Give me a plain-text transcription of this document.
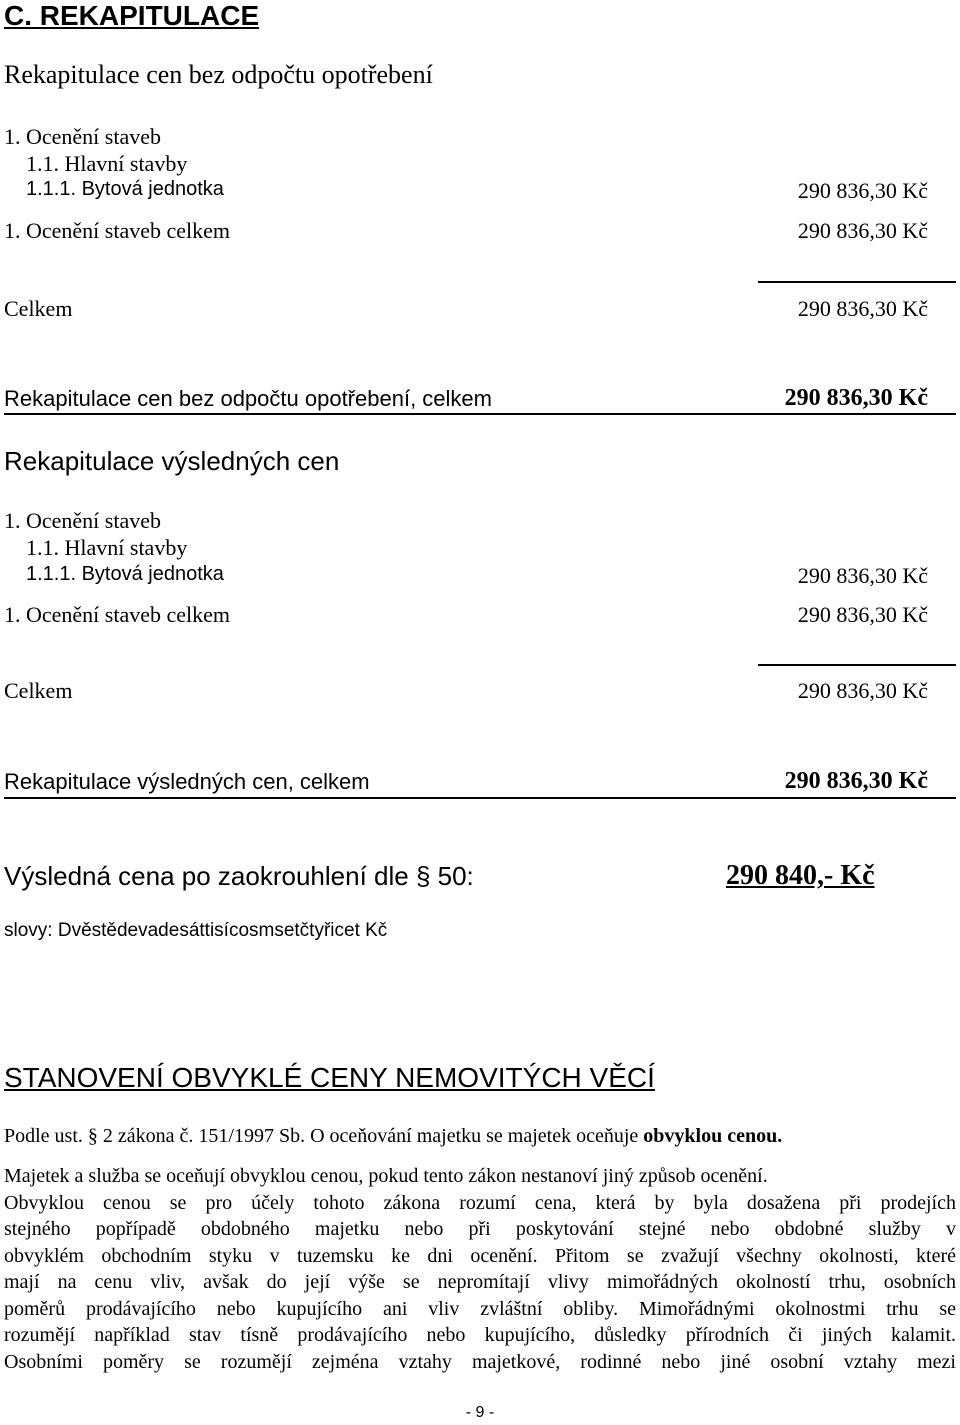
C. REKAPITULACE
Rekapitulace cen bez odpočtu opotřebení
1. Ocenění staveb
1.1. Hlavní stavby
1.1.1. Bytová jednotka	290 836,30 Kč
1. Ocenění staveb celkem	290 836,30 Kč
Celkem	290 836,30 Kč
Rekapitulace cen bez odpočtu opotřebení, celkem	290 836,30 Kč
Rekapitulace výsledných cen
1. Ocenění staveb
1.1. Hlavní stavby
1.1.1. Bytová jednotka	290 836,30 Kč
1. Ocenění staveb celkem	290 836,30 Kč
Celkem	290 836,30 Kč
Rekapitulace výsledných cen, celkem	290 836,30 Kč
Výsledná cena po zaokrouhlení dle § 50:	290 840,- Kč
slovy: Dvěstědevadesáttisícosmsetčtyřicet Kč
STANOVENÍ OBVYKLÉ CENY NEMOVITÝCH VĚCÍ
Podle ust. § 2 zákona č. 151/1997 Sb. O oceňování majetku se majetek oceňuje obvyklou cenou.
Majetek a služba se oceňují obvyklou cenou, pokud tento zákon nestanoví jiný způsob ocenění.
Obvyklou cenou se pro účely tohoto zákona rozumí cena, která by byla dosažena při prodejích
stejného popřípadě obdobného majetku nebo při poskytování stejné nebo obdobné služby v
obvyklém obchodním styku v tuzemsku ke dni ocenění. Přitom se zvažují všechny okolnosti, které
mají na cenu vliv, avšak do její výše se nepromítají vlivy mimořádných okolností trhu, osobních
poměrů prodávajícího nebo kupujícího ani vliv zvláštní obliby. Mimořádnými okolnostmi trhu se
rozumějí například stav tísně prodávajícího nebo kupujícího, důsledky přírodních či jiných kalamit.
Osobními poměry se rozumějí zejména vztahy majetkové, rodinné nebo jiné osobní vztahy mezi
- 9 -
